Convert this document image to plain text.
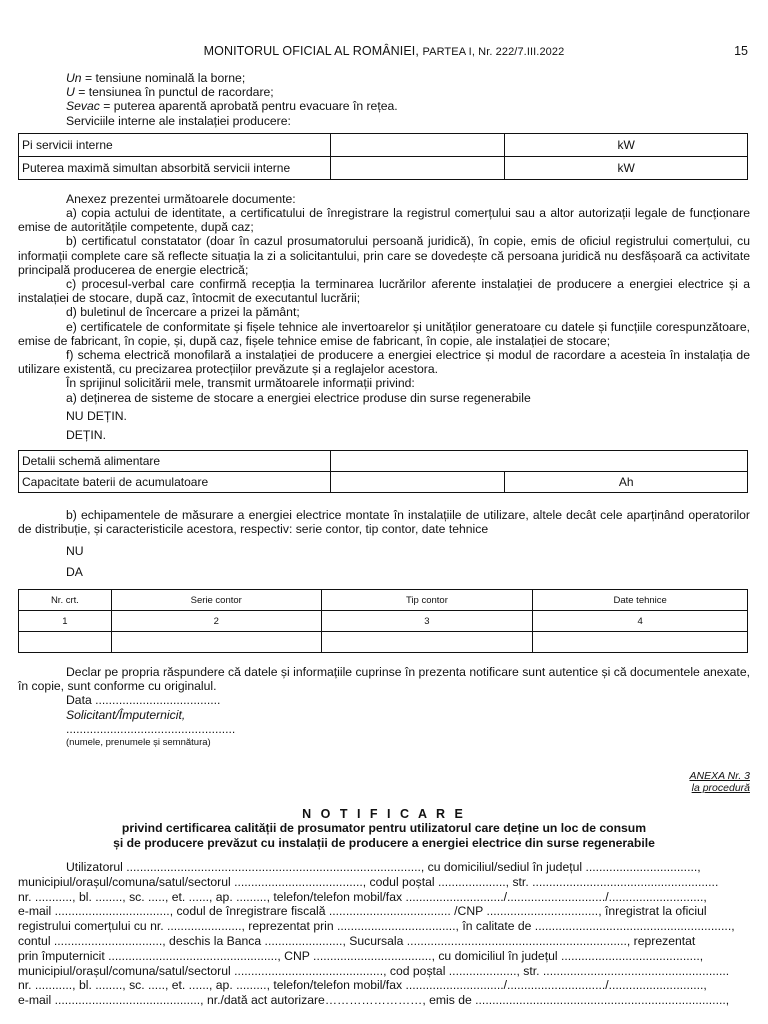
MONITORUL OFICIAL AL ROMÂNIEI, PARTEA I, Nr. 222/7.III.2022	15

Un = tensiune nominală la borne;

U = tensiunea în punctul de racordare;

Sevac = puterea aparentă aprobată pentru evacuare în rețea.

Serviciile interne ale instalației producere:

Pi servicii interne		kW
Puterea maximă simultan absorbită servicii interne		kW

Anexez prezentei următoarele documente:

a) copia actului de identitate, a certificatului de înregistrare la registrul comerțului sau a altor autorizații legale de funcționare emise de autoritățile competente, după caz;

b) certificatul constatator (doar în cazul prosumatorului persoană juridică), în copie, emis de oficiul registrului comerțului, cu informații complete care să reflecte situația la zi a solicitantului, prin care se dovedește că persoana juridică nu desfășoară ca activitate principală producerea de energie electrică;

c) procesul-verbal care confirmă recepția la terminarea lucrărilor aferente instalației de producere a energiei electrice și a instalației de stocare, după caz, întocmit de executantul lucrării;

d) buletinul de încercare a prizei la pământ;

e) certificatele de conformitate și fișele tehnice ale invertoarelor și unităților generatoare cu datele și funcțiile corespunzătoare, emise de fabricant, în copie, și, după caz, fișele tehnice emise de fabricant, în copie, ale instalației de stocare;

f) schema electrică monofilară a instalației de producere a energiei electrice și modul de racordare a acesteia în instalația de utilizare existentă, cu precizarea protecțiilor prevăzute și a reglajelor acestora.

În sprijinul solicitării mele, transmit următoarele informații privind:

a) deținerea de sisteme de stocare a energiei electrice produse din surse regenerabile

NU DEȚIN.

DEȚIN.

Detalii schemă alimentare		
Capacitate baterii de acumulatoare		Ah

b) echipamentele de măsurare a energiei electrice montate în instalațiile de utilizare, altele decât cele aparținând operatorilor de distribuție, și caracteristicile acestora, respectiv: serie contor, tip contor, date tehnice

NU

DA

Nr. crt.	Serie contor	Tip contor	Date tehnice
1	2	3	4

Declar pe propria răspundere că datele și informațiile cuprinse în prezenta notificare sunt autentice și că documentele anexate, în copie, sunt conforme cu originalul.

Data .....................................

Solicitant/Împuternicit,

..................................................

(numele, prenumele și semnătura)

ANEXA Nr. 3
la procedură
N O T I F I C A R E
privind certificarea calității de prosumator pentru utilizatorul care deține un loc de consum
și de producere prevăzut cu instalații de producere a energiei electrice din surse regenerabile
Utilizatorul ......................................................................................., cu domiciliul/sediul în județul .................................,
municipiul/orașul/comuna/satul/sectorul ......................................, codul poștal ...................., str. .......................................................
nr. ..........., bl. ........, sc. ....., et. ......, ap. ........., telefon/telefon mobil/fax ............................./............................./............................,
e-mail .................................., codul de înregistrare fiscală .................................... /CNP ................................., înregistrat la oficiul
registrului comerțului cu nr. ......................, reprezentat prin ..................................., în calitate de ..........................................................,
contul ................................, deschis la Banca ......................., Sucursala ................................................................., reprezentat
prin împuternicit .................................................., CNP ..................................., cu domiciliul în județul .........................................,
municipiul/orașul/comuna/satul/sectorul ............................................, cod poștal ...................., str. .......................................................
nr. ..........., bl. ........, sc. ....., et. ......, ap. ........., telefon/telefon mobil/fax ............................./............................./............................,
e-mail ..........................................., nr./dată act autorizare……………………, emis de ..........................................................................,
